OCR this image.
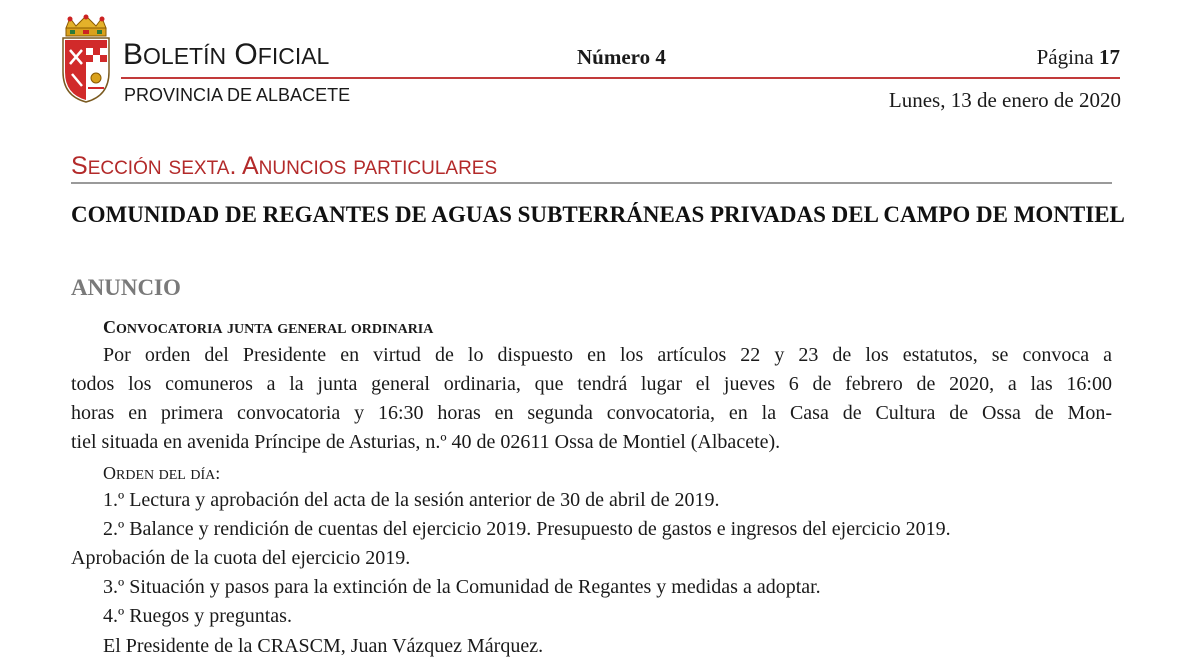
BOLETÍN OFICIAL
PROVINCIA DE ALBACETE
Número 4	Página 17
Lunes, 13 de enero de 2020
SECCIÓN SEXTA. ANUNCIOS PARTICULARES
COMUNIDAD DE REGANTES DE AGUAS SUBTERRÁNEAS PRIVADAS DEL CAMPO DE MONTIEL
ANUNCIO
CONVOCATORIA JUNTA GENERAL ORDINARIA
Por orden del Presidente en virtud de lo dispuesto en los artículos 22 y 23 de los estatutos, se convoca a
todos los comuneros a la junta general ordinaria, que tendrá lugar el jueves 6 de febrero de 2020, a las 16:00
horas en primera convocatoria y 16:30 horas en segunda convocatoria, en la Casa de Cultura de Ossa de Mon-
tiel situada en avenida Príncipe de Asturias, n.º 40 de 02611 Ossa de Montiel (Albacete).
ORDEN DEL DÍA:
1.º Lectura y aprobación del acta de la sesión anterior de 30 de abril de 2019.
2.º Balance y rendición de cuentas del ejercicio 2019. Presupuesto de gastos e ingresos del ejercicio 2019.
Aprobación de la cuota del ejercicio 2019.
3.º Situación y pasos para la extinción de la Comunidad de Regantes y medidas a adoptar.
4.º Ruegos y preguntas.
El Presidente de la CRASCM, Juan Vázquez Márquez.
